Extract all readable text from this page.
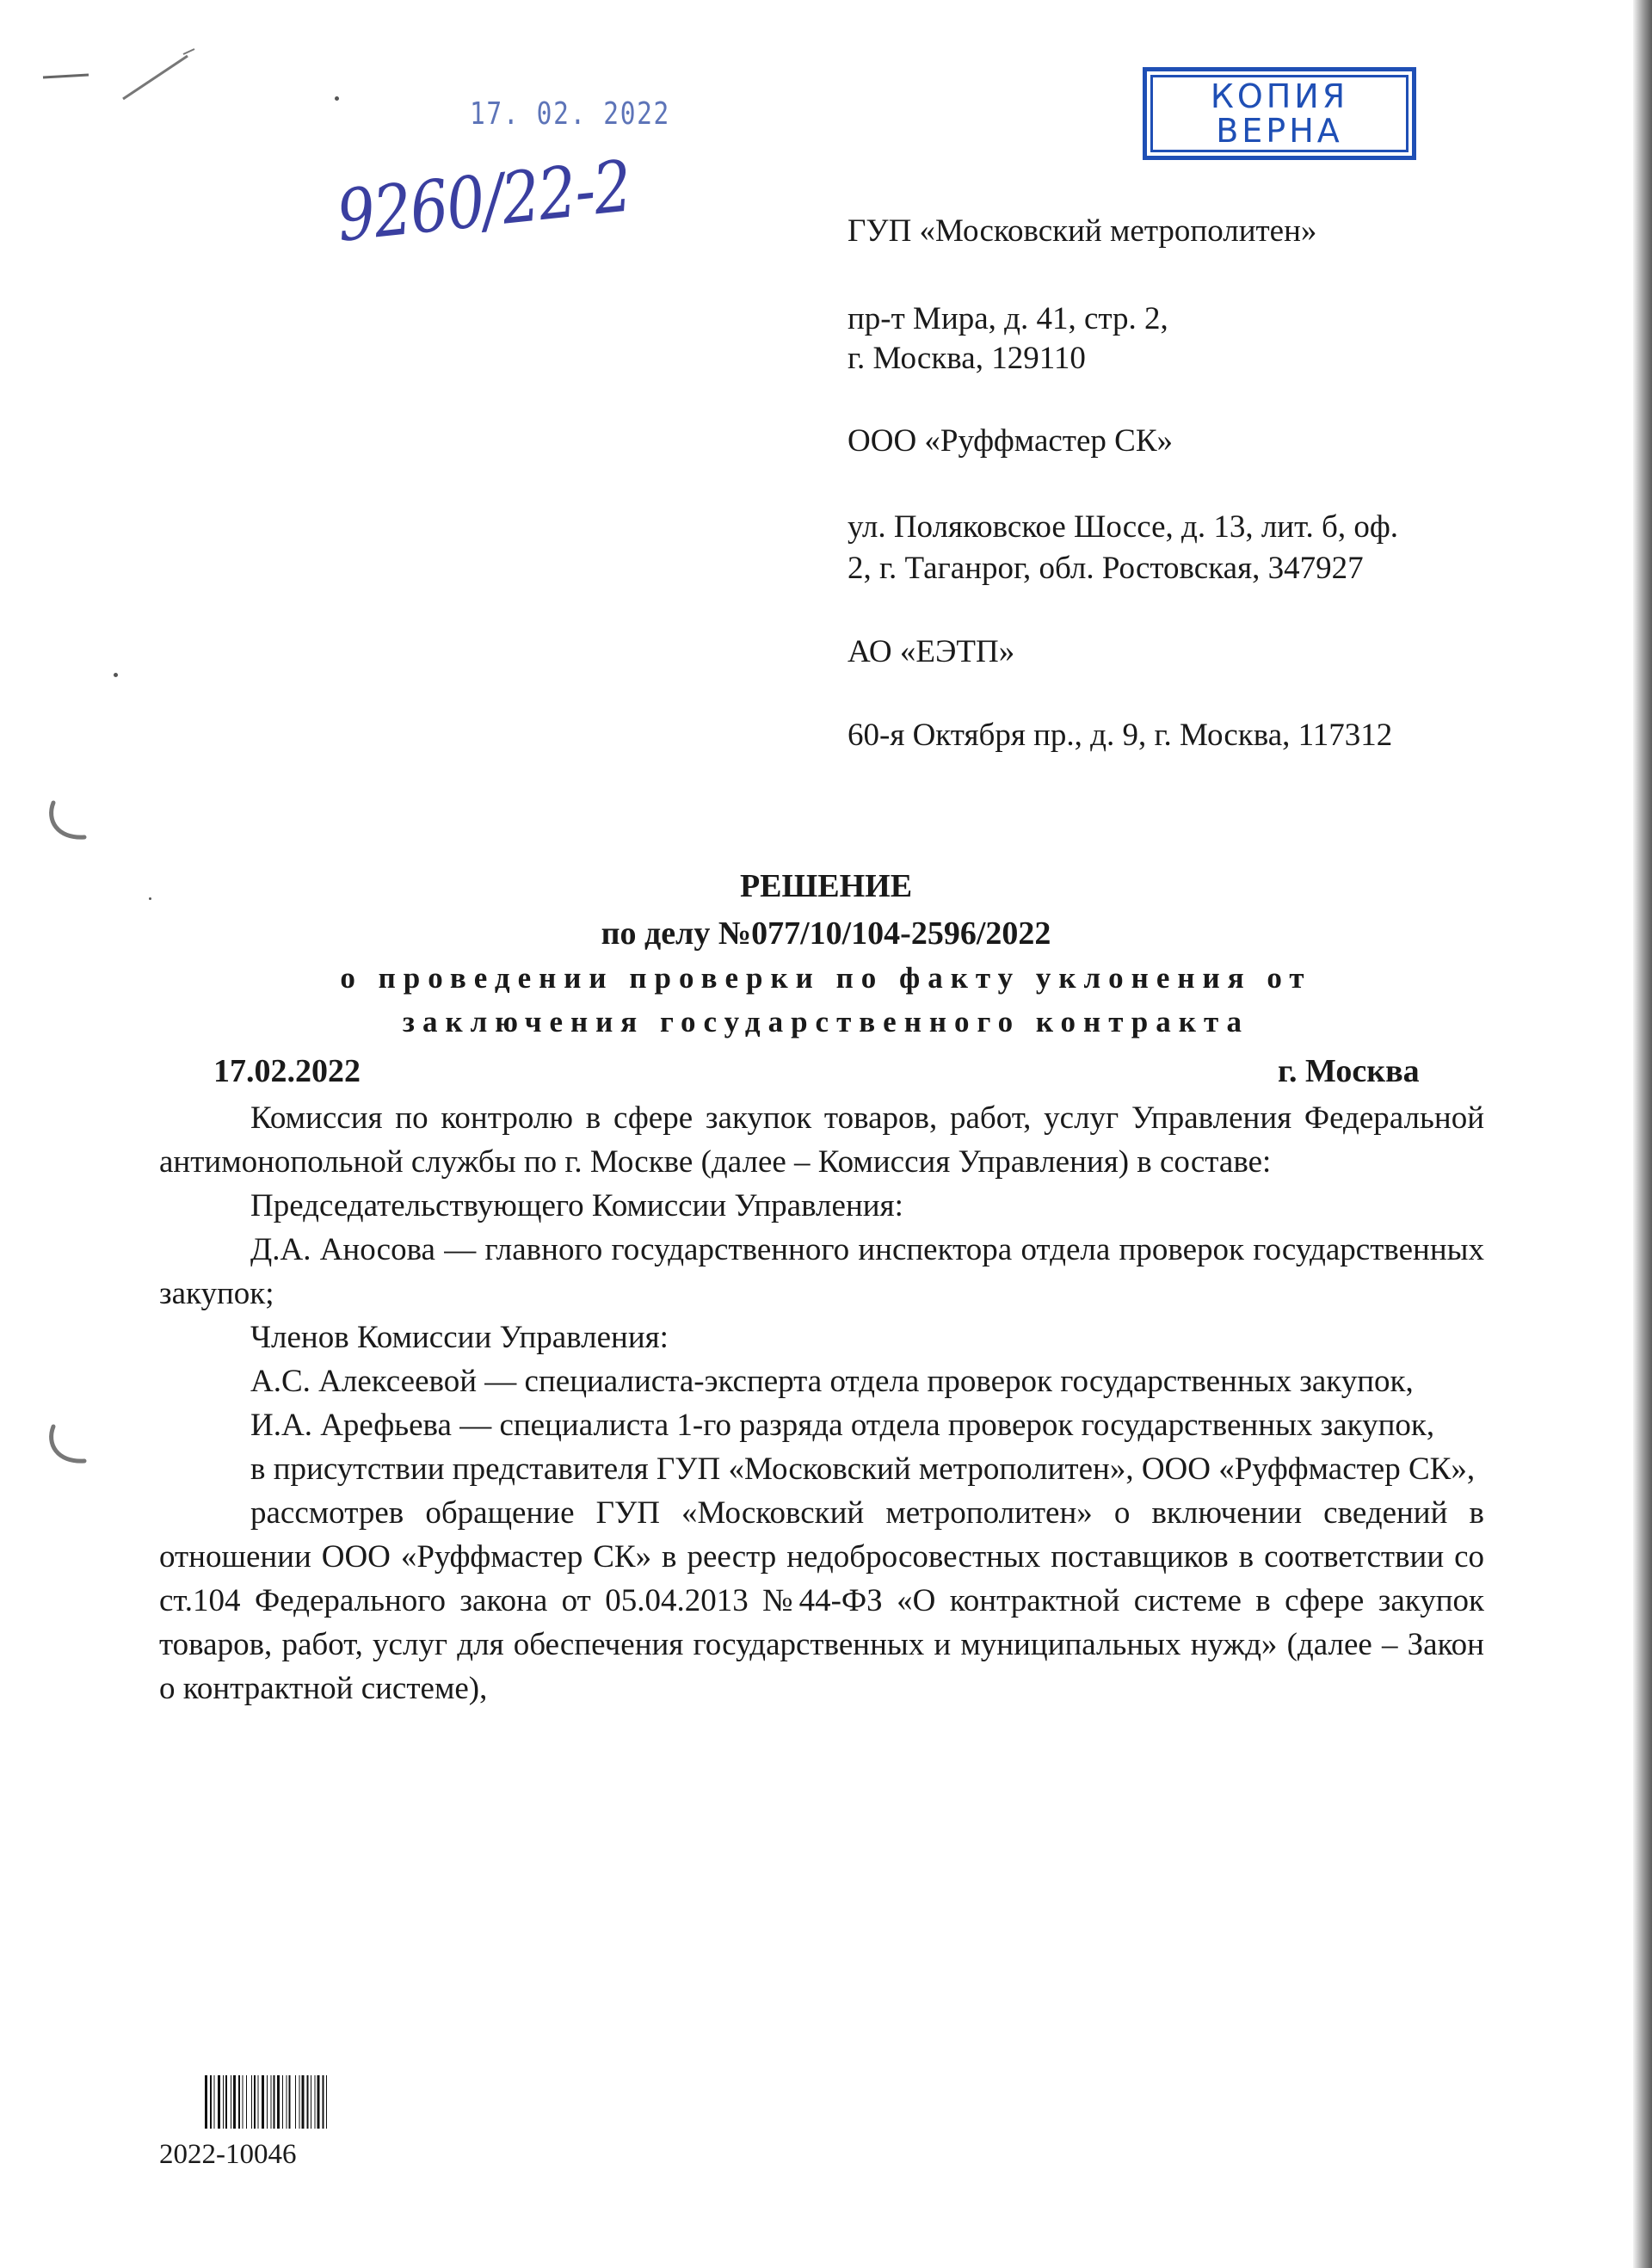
17. 02. 2022
9260/22-2
КОПИЯ
ВЕРНА
ГУП «Московский метрополитен»
пр-т Мира, д. 41, стр. 2,
г. Москва, 129110
ООО «Руффмастер СК»
ул. Поляковское Шоссе, д. 13, лит. б, оф.
2, г. Таганрог, обл. Ростовская, 347927
АО «ЕЭТП»
60-я Октября пр., д. 9, г. Москва, 117312
РЕШЕНИЕ
по делу №077/10/104-2596/2022
о проведении проверки по факту уклонения от
заключения государственного контракта
17.02.2022	г. Москва

Комиссия по контролю в сфере закупок товаров, работ, услуг Управления Федеральной антимонопольной службы по г. Москве (далее – Комиссия Управления) в составе:

Председательствующего Комиссии Управления:

Д.А. Аносова — главного государственного инспектора отдела проверок государственных закупок;

Членов Комиссии Управления:

А.С. Алексеевой — специалиста-эксперта отдела проверок государственных закупок,

И.А. Арефьева — специалиста 1-го разряда отдела проверок государственных закупок,

в присутствии представителя ГУП «Московский метрополитен», ООО «Руффмастер СК»,

рассмотрев обращение ГУП «Московский метрополитен» о включении сведений в отношении ООО «Руффмастер СК» в реестр недобросовестных поставщиков в соответствии со ст.104 Федерального закона от 05.04.2013 №44-ФЗ «О контрактной системе в сфере закупок товаров, работ, услуг для обеспечения государственных и муниципальных нужд» (далее – Закон о контрактной системе),

2022-10046
